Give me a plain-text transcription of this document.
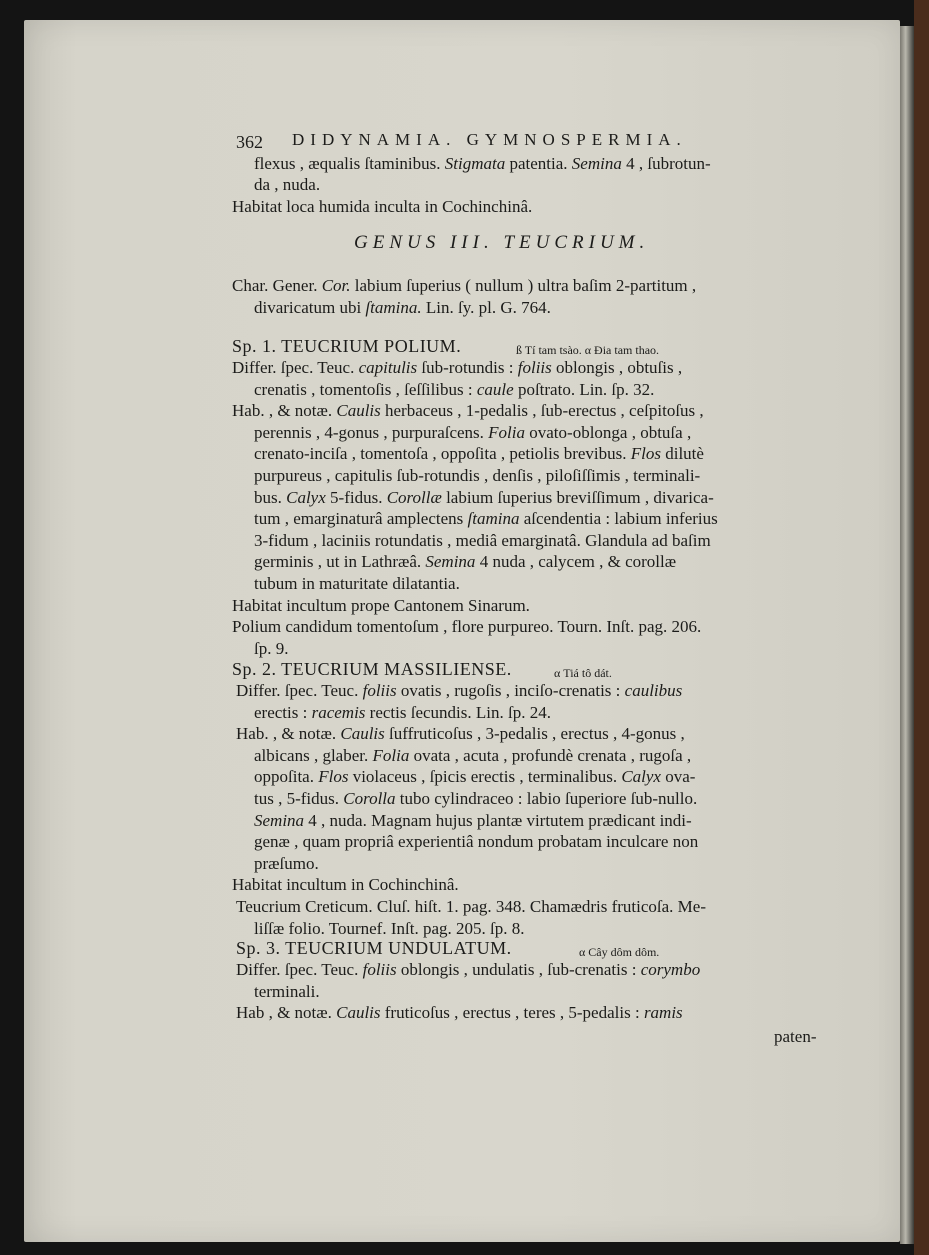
362 DIDYNAMIA. GYMNOSPERMIA.
flexus , æqualis ſtaminibus. Stigmata patentia. Semina 4 , ſubrotun-
da , nuda.
Habitat loca humida inculta in Cochinchinâ.
GENUS III. TEUCRIUM.
Char. Gener. Cor. labium ſuperius ( nullum ) ultra baſim 2-partitum ,
divaricatum ubi ſtamina. Lin. ſy. pl. G. 764.
paten-
Sp. 1. TEUCRIUM POLIUM.	ß Tí tam tsào. α Ɖia tam thao.
Differ. ſpec. Teuc. capitulis ſub-rotundis : foliis oblongis , obtuſis ,
crenatis , tomentoſis , ſeſſilibus : caule poſtrato. Lin. ſp. 32.
Hab. , & notæ. Caulis herbaceus , 1-pedalis , ſub-erectus , ceſpitoſus ,
perennis , 4-gonus , purpuraſcens. Folia ovato-oblonga , obtuſa ,
crenato-inciſa , tomentoſa , oppoſita , petiolis brevibus. Flos dilutè
purpureus , capitulis ſub-rotundis , denſis , piloſiſſimis , terminali-
bus. Calyx 5-fidus. Corollæ labium ſuperius breviſſimum , divarica-
tum , emarginaturâ amplectens ſtamina aſcendentia : labium inferius
3-fidum , laciniis rotundatis , mediâ emarginatâ. Glandula ad baſim
germinis , ut in Lathræâ. Semina 4 nuda , calycem , & corollæ
tubum in maturitate dilatantia.
Habitat incultum prope Cantonem Sinarum.
Polium candidum tomentoſum , flore purpureo. Tourn. Inſt. pag. 206.
ſp. 9.
Sp. 2. TEUCRIUM MASSILIENSE.	α Tiá tô dát.
Differ. ſpec. Teuc. foliis ovatis , rugoſis , inciſo-crenatis : caulibus
erectis : racemis rectis ſecundis. Lin. ſp. 24.
Hab. , & notæ. Caulis ſuffruticoſus , 3-pedalis , erectus , 4-gonus ,
albicans , glaber. Folia ovata , acuta , profundè crenata , rugoſa ,
oppoſita. Flos violaceus , ſpicis erectis , terminalibus. Calyx ova-
tus , 5-fidus. Corolla tubo cylindraceo : labio ſuperiore ſub-nullo.
Semina 4 , nuda. Magnam hujus plantæ virtutem prædicant indi-
genæ , quam propriâ experientiâ nondum probatam inculcare non
præſumo.
Habitat incultum in Cochinchinâ.
Teucrium Creticum. Cluſ. hiſt. 1. pag. 348. Chamædris fruticoſa. Me-
liſſæ folio. Tournef. Inſt. pag. 205. ſp. 8.
Sp. 3. TEUCRIUM UNDULATUM.	α Cây dôm dôm.
Differ. ſpec. Teuc. foliis oblongis , undulatis , ſub-crenatis : corymbo
terminali.
Hab , & notæ. Caulis fruticoſus , erectus , teres , 5-pedalis : ramis
